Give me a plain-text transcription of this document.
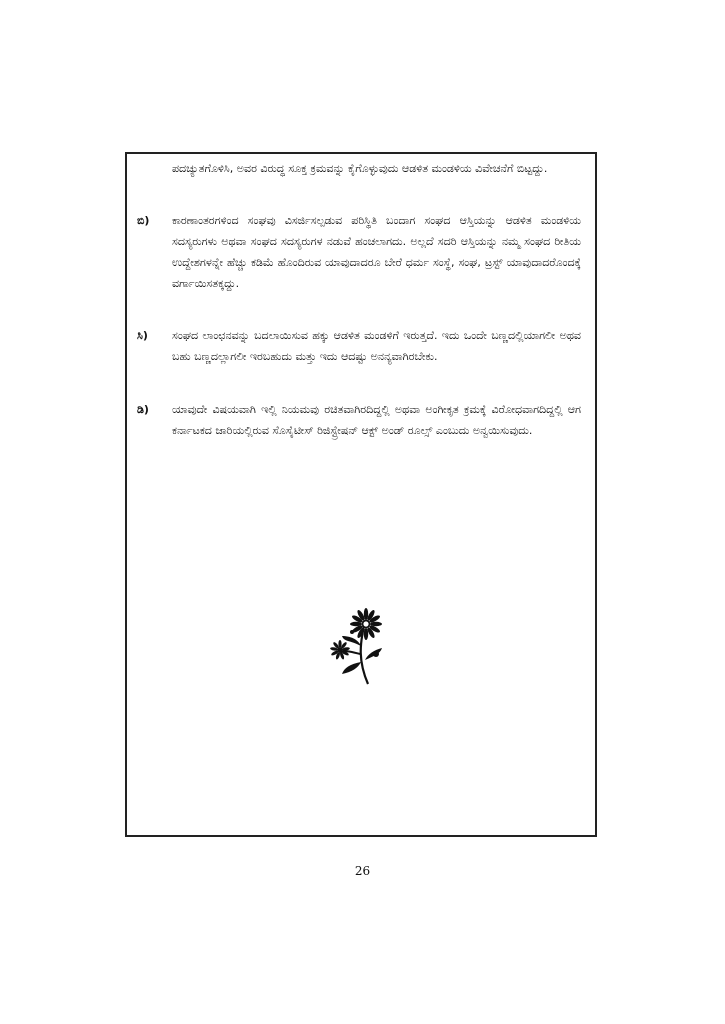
ಪದಚ್ಯುತಗೊಳಿಸಿ, ಅವರ ವಿರುದ್ಧ ಸೂಕ್ತ ಕ್ರಮವನ್ನು ಕೈಗೊಳ್ಳುವುದು ಆಡಳಿತ ಮಂಡಳಿಯ ವಿವೇಚನೆಗೆ ಬಿಟ್ಟದ್ದು.
ಬಿ) ಕಾರಣಾಂತರಗಳಿಂದ ಸಂಘವು ವಿಸರ್ಜಿಸಲ್ಪಡುವ ಪರಿಸ್ಥಿತಿ ಬಂದಾಗ ಸಂಘದ ಆಸ್ತಿಯನ್ನು ಆಡಳಿತ ಮಂಡಳಿಯ ಸದಸ್ಯರುಗಳು ಅಥವಾ ಸಂಘದ ಸದಸ್ಯರುಗಳ ನಡುವೆ ಹಂಚಲಾಗದು. ಅಲ್ಲದೆ ಸದರಿ ಆಸ್ತಿಯನ್ನು ನಮ್ಮ ಸಂಘದ ರೀತಿಯ ಉದ್ದೇಶಗಳನ್ನೇ ಹೆಚ್ಚು ಕಡಿಮೆ ಹೊಂದಿರುವ ಯಾವುದಾದರೂ ಬೇರೆ ಧರ್ಮ ಸಂಸ್ಥೆ, ಸಂಘ, ಟ್ರಸ್ಟ್ ಯಾವುದಾದರೊಂದಕ್ಕೆ ವರ್ಗಾಯಿಸತಕ್ಕದ್ದು.
ಸಿ) ಸಂಘದ ಲಾಂಛನವನ್ನು ಬದಲಾಯಿಸುವ ಹಕ್ಕು ಆಡಳಿತ ಮಂಡಳಿಗೆ ಇರುತ್ತದೆ. ಇದು ಒಂದೇ ಬಣ್ಣದಲ್ಲಿಯಾಗಲೀ ಅಥವ ಬಹು ಬಣ್ಣದಲ್ಲಾಗಲೀ ಇರಬಹುದು ಮತ್ತು ಇದು ಆದಷ್ಟು ಅನನ್ಯವಾಗಿರಬೇಕು.
ಡಿ) ಯಾವುದೇ ವಿಷಯವಾಗಿ ಇಲ್ಲಿ ನಿಯಮವು ರಚಿತವಾಗಿರದಿದ್ದಲ್ಲಿ ಅಥವಾ ಅಂಗೀಕೃತ ಕ್ರಮಕ್ಕೆ ವಿರೋಧವಾಗದಿದ್ದಲ್ಲಿ ಆಗ ಕರ್ನಾಟಕದ ಜಾರಿಯಲ್ಲಿರುವ ಸೊಸೈಟೀಸ್ ರಿಜಿಸ್ಟ್ರೇಷನ್ ಆಕ್ಟ್ ಅಂಡ್ ರೂಲ್ಸ್ ಎಂಬುದು ಅನ್ವಯಿಸುವುದು.
26
